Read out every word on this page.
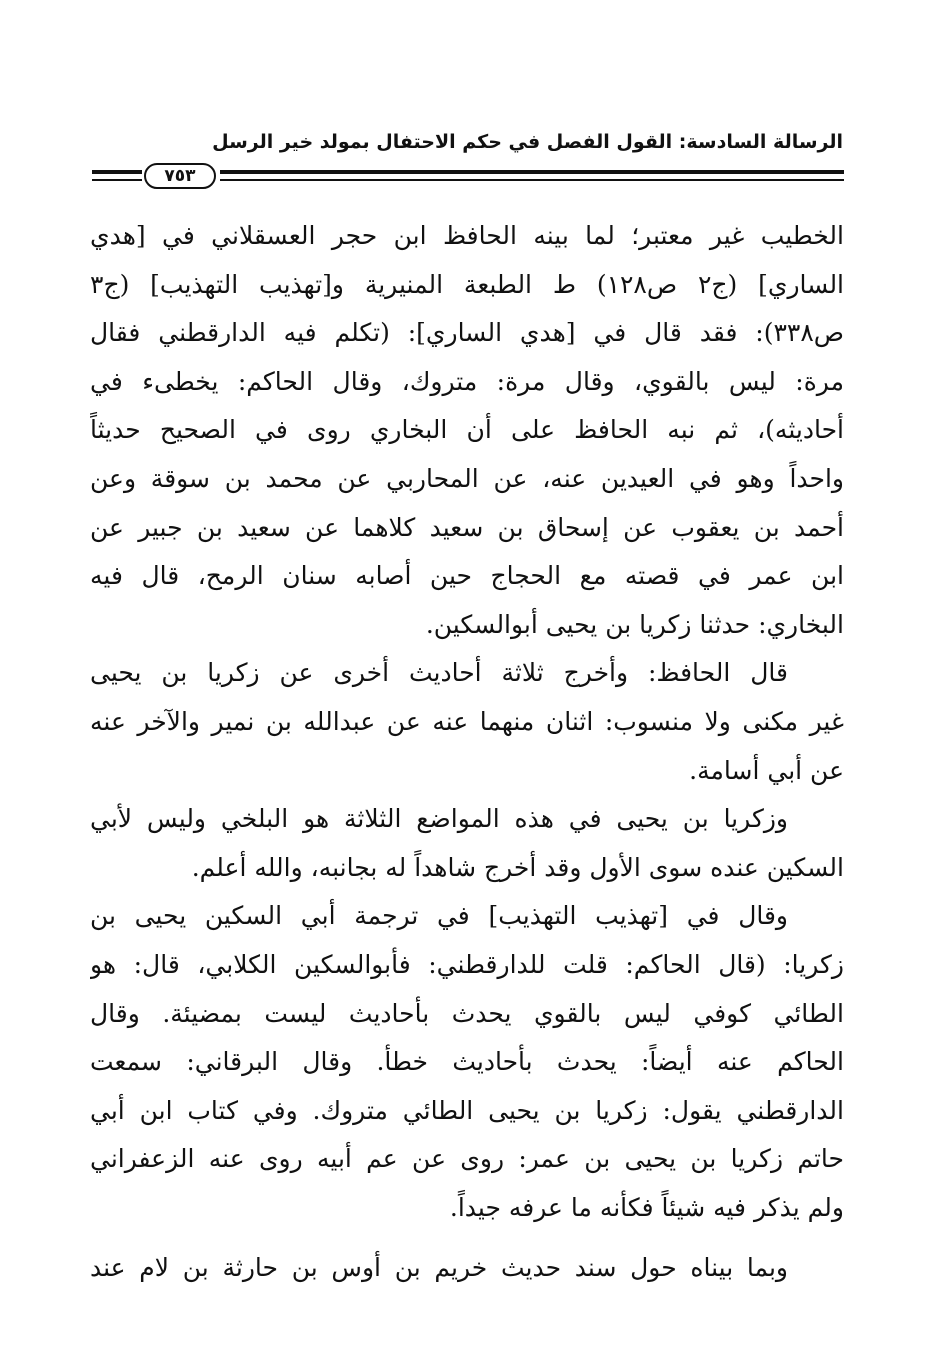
الرسالة السادسة: القول الفصل في حكم الاحتفال بمولد خير الرسل
٧٥٣
الخطيب غير معتبر؛ لما بينه الحافظ ابن حجر العسقلاني في [هدي
الساري] (ج٢ ص١٢٨) ط الطبعة المنيرية و[تهذيب التهذيب] (ج٣
ص٣٣٨): فقد قال في [هدي الساري]: (تكلم فيه الدارقطني فقال
مرة: ليس بالقوي، وقال مرة: متروك، وقال الحاكم: يخطىء في
أحاديثه)، ثم نبه الحافظ على أن البخاري روى في الصحيح حديثاً
واحداً وهو في العيدين عنه، عن المحاربي عن محمد بن سوقة وعن
أحمد بن يعقوب عن إسحاق بن سعيد كلاهما عن سعيد بن جبير عن
ابن عمر في قصته مع الحجاج حين أصابه سنان الرمح، قال فيه
البخاري: حدثنا زكريا بن يحيى أبوالسكين.
قال الحافظ: وأخرج ثلاثة أحاديث أخرى عن زكريا بن يحيى
غير مكنى ولا منسوب: اثنان منهما عنه عن عبدالله بن نمير والآخر عنه
عن أبي أسامة.
وزكريا بن يحيى في هذه المواضع الثلاثة هو البلخي وليس لأبي
السكين عنده سوى الأول وقد أخرج شاهداً له بجانبه، والله أعلم.
وقال في [تهذيب التهذيب] في ترجمة أبي السكين يحيى بن
زكريا: (قال الحاكم: قلت للدارقطني: فأبوالسكين الكلابي، قال: هو
الطائي كوفي ليس بالقوي يحدث بأحاديث ليست بمضيئة. وقال
الحاكم عنه أيضاً: يحدث بأحاديث خطأ. وقال البرقاني: سمعت
الدارقطني يقول: زكريا بن يحيى الطائي متروك. وفي كتاب ابن أبي
حاتم زكريا بن يحيى بن عمر: روى عن عم أبيه روى عنه الزعفراني
ولم يذكر فيه شيئاً فكأنه ما عرفه جيداً.
وبما بيناه حول سند حديث خريم بن أوس بن حارثة بن لام عند
